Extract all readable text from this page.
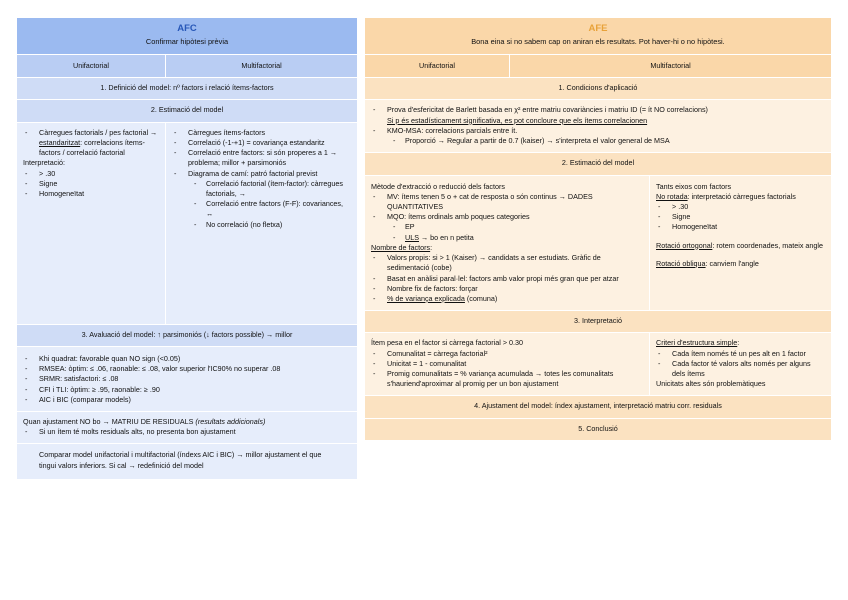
AFC
Confirmar hipòtesi prèvia
Unifactorial	Multifactorial
1. Definició del model: nº factors i relació ítems-factors
2. Estimació del model
- Càrregues factorials / pes factorial → estandaritzat: correlacions ítems-factors / correlació factorial

Interpretació:

- > .30
- Signe
- Homogeneïtat
- Càrregues ítems-factors
- Correlació (-1-+1) = covariança estandaritz
- Correlació entre factors: si són properes a 1 → problema; millor + parsimoniós
- Diagrama de camí: patró factorial previst
- Correlació factorial (ítem-factor): càrregues factorials, →
- Correlació entre factors (F-F): covariances, ↔
- No correlació (no fletxa)
3. Avaluació del model: ↑ parsimoniós (↓ factors possible) → millor
- Khi quadrat: favorable quan NO sign (<0.05)
- RMSEA: òptim: ≤ .06, raonable: ≤ .08, valor superior l'IC90% no superar .08
- SRMR: satisfactori: ≤ .08
- CFI i TLI: òptim: ≥ .95, raonable: ≥ .90
- AIC i BIC (comparar models)

Quan ajustament NO bo → MATRIU DE RESIDUALS (resultats addicionals)

- Si un ítem té molts residuals alts, no presenta bon ajustament

Comparar model unifactorial i multifactorial (índexs AIC i BIC) → millor ajustament el que tingui valors inferiors. Si cal → redefinició del model

AFE
Bona eina si no sabem cap on aniran els resultats. Pot haver-hi o no hipòtesi.
Unifactorial	Multifactorial
1. Condicions d'aplicació
- Prova d'esfericitat de Barlett basada en χ² entre matriu covariàncies i matriu ID (= ít NO correlacions)
Si p és estadísticament significativa, es pot concloure que els ítems correlacionen
- KMO-MSA: correlacions parcials entre ít.
- Proporció → Regular a partir de 0.7 (kaiser) → s'interpreta el valor general de MSA
2. Estimació del model

Mètode d'extracció o reducció dels factors

- MV: ítems tenen 5 o + cat de resposta o són continus → DADES QUANTITATIVES
- MQO: ítems ordinals amb poques categories
- EP
- ULS → bo en n petita

Nombre de factors:

- Valors propis: si > 1 (Kaiser) → candidats a ser estudiats. Gràfic de sedimentació (cobe)
- Basat en anàlisi paral·lel: factors amb valor propi més gran que per atzar
- Nombre fix de factors: forçar
- % de variança explicada (comuna)

Tants eixos com factors

No rotada: interpretació càrregues factorials

- > .30
- Signe
- Homogeneïtat

Rotació ortogonal: rotem coordenades, mateix angle

Rotació obliqua: canviem l'angle

3. Interpretació

Ítem pesa en el factor si càrrega factorial > 0.30

- Comunalitat = càrrega factorial²
- Unicitat = 1 - comunalitat
- Promig comunalitats = % variança acumulada → totes les comunalitats s'hauriend'aproximar al promig per un bon ajustament

Criteri d'estructura simple:

- Cada ítem només té un pes alt en 1 factor
- Cada factor té valors alts només per alguns dels ítems

Unicitats altes són problemàtiques

4. Ajustament del model: índex ajustament, interpretació matriu corr. residuals
5. Conclusió
